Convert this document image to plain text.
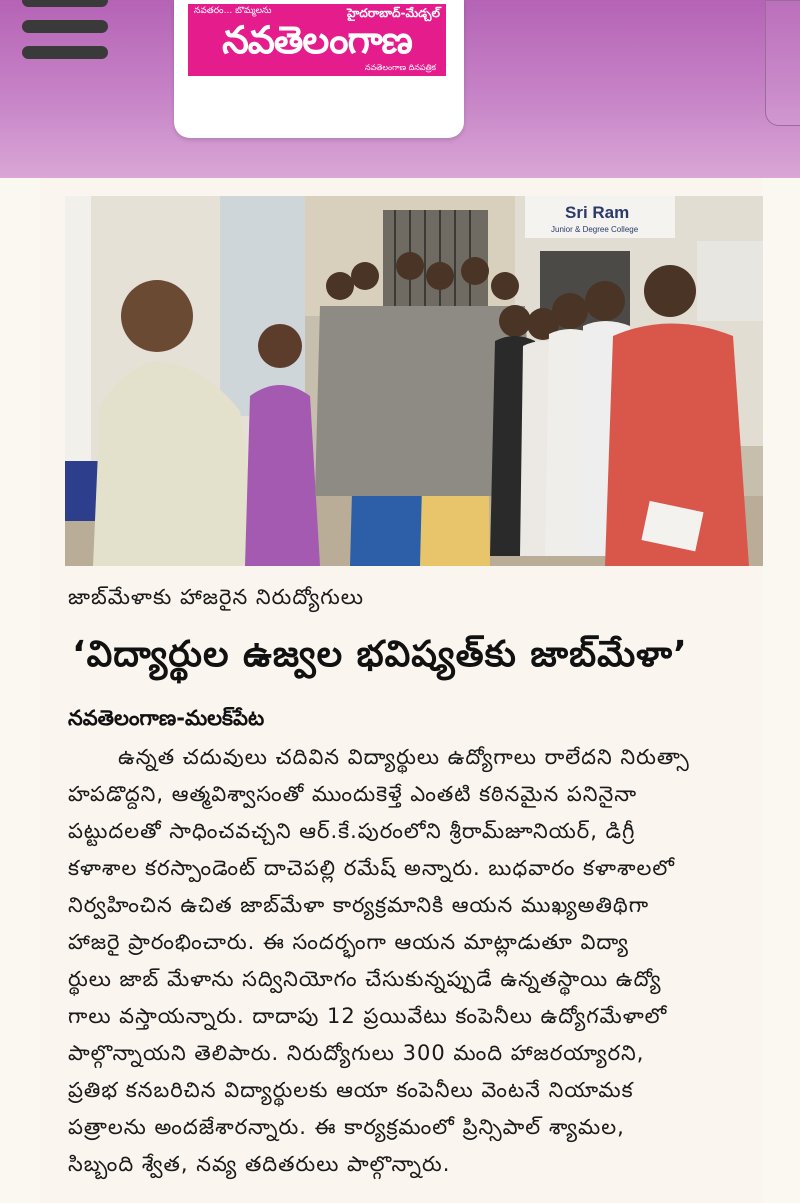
నవతరం... బొమ్మలను	హైదరాబాద్-మేడ్చల్
నవతెలంగాణ
నవతెలంగాణ దినపత్రిక
Sri Ram
Junior & Degree College
జాబ్‌మేళాకు హాజరైన నిరుద్యోగులు
‘విద్యార్థుల ఉజ్వల భవిష్యత్‌కు జాబ్‌మేళా’
నవతెలంగాణ-మలక్‌పేట
ఉన్నత చదువులు చదివిన విద్యార్థులు ఉద్యోగాలు రాలేదని నిరుత్సా
హపడొద్దని, ఆత్మవిశ్వాసంతో ముందుకెళ్తే ఎంతటి కఠినమైన పనినైనా
పట్టుదలతో సాధించవచ్చని ఆర్‌.కే.పురంలోని శ్రీరామ్‌జూనియర్‌, డిగ్రీ
కళాశాల కరస్పాండెంట్‌ దాచెపల్లి రమేష్‌ అన్నారు. బుధవారం కళాశాలలో
నిర్వహించిన ఉచిత జాబ్‌మేళా కార్యక్రమానికి ఆయన ముఖ్యఅతిథిగా
హాజరై ప్రారంభించారు. ఈ సందర్భంగా ఆయన మాట్లాడుతూ విద్యా
ర్థులు జాబ్‌ మేళాను సద్వినియోగం చేసుకున్నప్పుడే ఉన్నతస్థాయి ఉద్యో
గాలు వస్తాయన్నారు. దాదాపు 12 ప్రయివేటు కంపెనీలు ఉద్యోగమేళాలో
పాల్గొన్నాయని తెలిపారు. నిరుద్యోగులు 300 మంది హాజరయ్యారని,
ప్రతిభ కనబరిచిన విద్యార్థులకు ఆయా కంపెనీలు వెంటనే నియామక
పత్రాలను అందజేశారన్నారు. ఈ కార్యక్రమంలో ప్రిన్సిపాల్‌ శ్యామల,
సిబ్బంది శ్వేత, నవ్య తదితరులు పాల్గొన్నారు.
